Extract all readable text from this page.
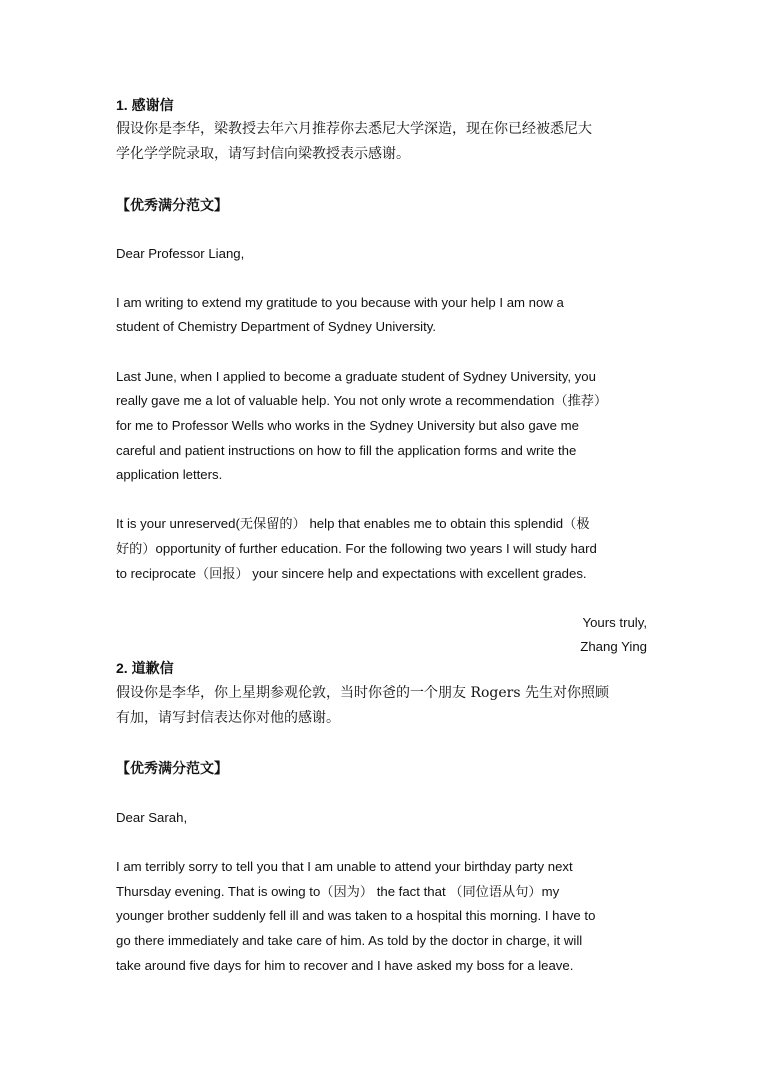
1. 感谢信
假设你是李华，梁教授去年六月推荐你去悉尼大学深造，现在你已经被悉尼大
学化学学院录取，请写封信向梁教授表示感谢。
【优秀满分范文】
Dear Professor Liang,
I am writing to extend my gratitude to you because with your help I am now a
student of Chemistry Department of Sydney University.
Last June, when I applied to become a graduate student of Sydney University, you
really gave me a lot of valuable help. You not only wrote a recommendation（推荐）
for me to Professor Wells who works in the Sydney University but also gave me
careful and patient instructions on how to fill the application forms and write the
application letters.
It is your unreserved(无保留的） help that enables me to obtain this splendid（极
好的）opportunity of further education. For the following two years I will study hard
to reciprocate（回报） your sincere help and expectations with excellent grades.
Yours truly,
Zhang Ying
2. 道歉信
假设你是李华，你上星期参观伦敦，当时你爸的一个朋友 Rogers 先生对你照顾
有加，请写封信表达你对他的感谢。
【优秀满分范文】
Dear Sarah,
I am terribly sorry to tell you that I am unable to attend your birthday party next
Thursday evening. That is owing to（因为） the fact that （同位语从句）my
younger brother suddenly fell ill and was taken to a hospital this morning. I have to
go there immediately and take care of him. As told by the doctor in charge, it will
take around five days for him to recover and I have asked my boss for a leave.
